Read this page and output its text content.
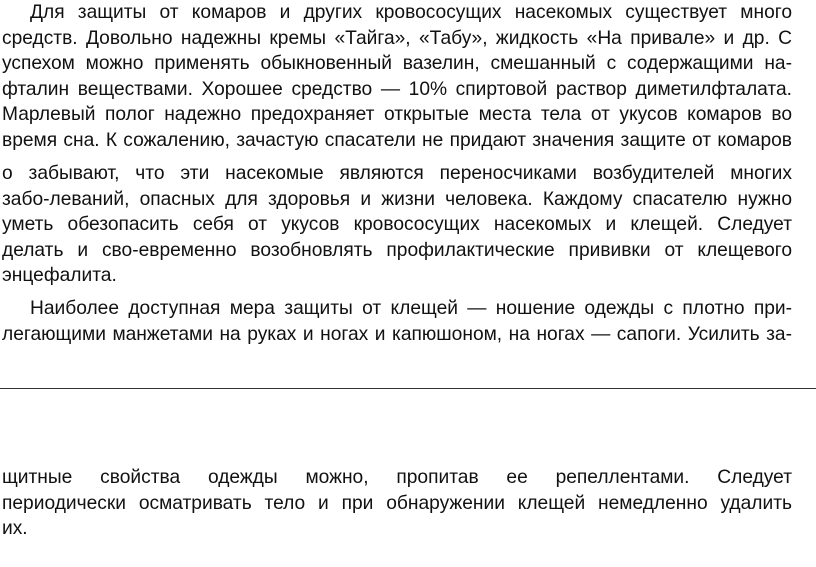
Для защиты от комаров и других кровососущих насекомых существует много
средств. Довольно надежны кремы «Тайга», «Табу», жидкость «На привале» и др. С
успехом можно применять обыкновенный вазелин, смешанный с содержащими на-
фталин веществами. Хорошее средство — 10% спиртовой раствор диметилфталата.
Марлевый полог надежно предохраняет открытые места тела от укусов комаров во
время сна. К сожалению, зачастую спасатели не придают значения защите от комаров
о забывают, что эти насекомые являются переносчиками возбудителей многих
забо-леваний, опасных для здоровья и жизни человека. Каждому спасателю нужно
уметь обезопасить себя от укусов кровососущих насекомых и клещей. Следует
делать и сво-евременно возобновлять профилактические прививки от клещевого
энцефалита.
Наиболее доступная мера защиты от клещей — ношение одежды с плотно при-
легающими манжетами на руках и ногах и капюшоном, на ногах — сапоги. Усилить за-
щитные свойства одежды можно, пропитав ее репеллентами. Следует
периодически осматривать тело и при обнаружении клещей немедленно удалить
их.
